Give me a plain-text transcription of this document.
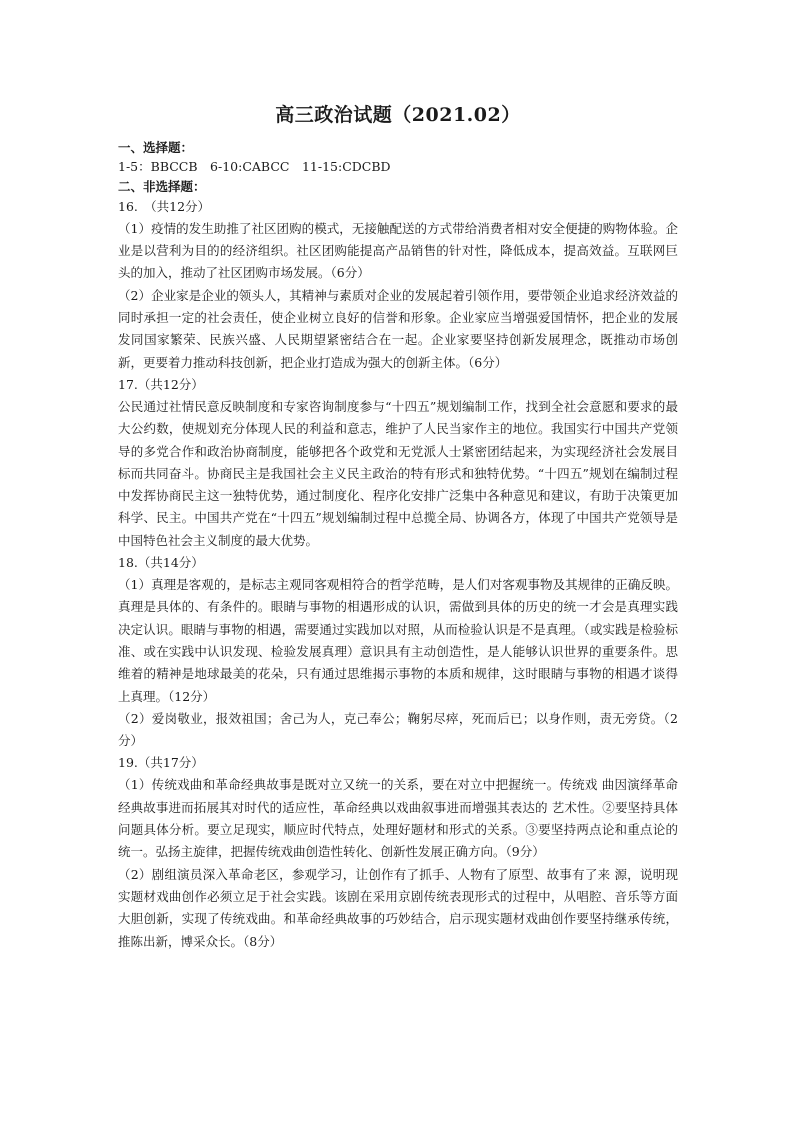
高三政治试题（2021.02）

一、选择题：

1-5：BBCCB　6-10:CABCC　11-15:CDCBD

二、非选择题：

16.　（共12分）

（1）疫情的发生助推了社区团购的模式，无接触配送的方式带给消费者相对安全便捷的购物体验。企业是以营利为目的的经济组织。社区团购能提高产品销售的针对性，降低成本，提高效益。互联网巨头的加入，推动了社区团购市场发展。（6分）

（2）企业家是企业的领头人，其精神与素质对企业的发展起着引领作用，要带领企业追求经济效益的同时承担一定的社会责任，使企业树立良好的信誉和形象。企业家应当增强爱国情怀，把企业的发展发同国家繁荣、民族兴盛、人民期望紧密结合在一起。企业家要坚持创新发展理念，既推动市场创新，更要着力推动科技创新，把企业打造成为强大的创新主体。（6分）

17.（共12分）

公民通过社情民意反映制度和专家咨询制度参与“十四五”规划编制工作，找到全社会意愿和要求的最大公约数，使规划充分体现人民的利益和意志，维护了人民当家作主的地位。我国实行中国共产党领导的多党合作和政治协商制度，能够把各个政党和无党派人士紧密团结起来，为实现经济社会发展目标而共同奋斗。协商民主是我国社会主义民主政治的特有形式和独特优势。“十四五”规划在编制过程中发挥协商民主这一独特优势，通过制度化、程序化安排广泛集中各种意见和建议，有助于决策更加科学、民主。中国共产党在“十四五”规划编制过程中总揽全局、协调各方，体现了中国共产党领导是中国特色社会主义制度的最大优势。

18.（共14分）

（1）真理是客观的，是标志主观同客观相符合的哲学范畴，是人们对客观事物及其规律的正确反映。真理是具体的、有条件的。眼睛与事物的相遇形成的认识，需做到具体的历史的统一才会是真理实践决定认识。眼睛与事物的相遇，需要通过实践加以对照，从而检验认识是不是真理。（或实践是检验标准、或在实践中认识发现、检验发展真理）意识具有主动创造性，是人能够认识世界的重要条件。思维着的精神是地球最美的花朵，只有通过思维揭示事物的本质和规律，这时眼睛与事物的相遇才谈得上真理。（12分）

（2）爱岗敬业，报效祖国；舍己为人，克己奉公；鞠躬尽瘁，死而后已；以身作则，责无旁贷。（2分）

19.（共17分）

（1）传统戏曲和革命经典故事是既对立又统一的关系，要在对立中把握统一。传统戏 曲因演绎革命经典故事进而拓展其对时代的适应性，革命经典以戏曲叙事进而增强其表达的 艺术性。②要坚持具体问题具体分析。要立足现实，顺应时代特点，处理好题材和形式的关系。③要坚持两点论和重点论的统一。弘扬主旋律，把握传统戏曲创造性转化、创新性发展正确方向。（9分）

（2）剧组演员深入革命老区，参观学习，让创作有了抓手、人物有了原型、故事有了来 源，说明现实题材戏曲创作必须立足于社会实践。该剧在采用京剧传统表现形式的过程中，从唱腔、音乐等方面大胆创新，实现了传统戏曲。和革命经典故事的巧妙结合，启示现实题材戏曲创作要坚持继承传统，推陈出新，博采众长。（8分）
